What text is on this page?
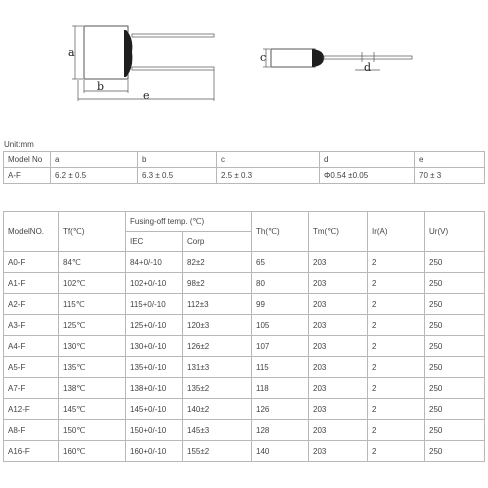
a
b
e
c
d
Unit:mm
Model No	a	b	c	d	e
A-F	6.2 ± 0.5	6.3 ± 0.5	2.5 ± 0.3	Φ0.54 ±0.05	70 ± 3
ModelNO.	Tf(℃)	Fusing-off temp. (℃)		Th(℃)	Tm(℃)	Ir(A)	Ur(V)
		IEC	Corp				
A0-F	84℃	84+0/-10	82±2	65	203	2	250
A1-F	102℃	102+0/-10	98±2	80	203	2	250
A2-F	115℃	115+0/-10	112±3	99	203	2	250
A3-F	125℃	125+0/-10	120±3	105	203	2	250
A4-F	130℃	130+0/-10	126±2	107	203	2	250
A5-F	135℃	135+0/-10	131±3	115	203	2	250
A7-F	138℃	138+0/-10	135±2	118	203	2	250
A12-F	145℃	145+0/-10	140±2	126	203	2	250
A8-F	150℃	150+0/-10	145±3	128	203	2	250
A16-F	160℃	160+0/-10	155±2	140	203	2	250
